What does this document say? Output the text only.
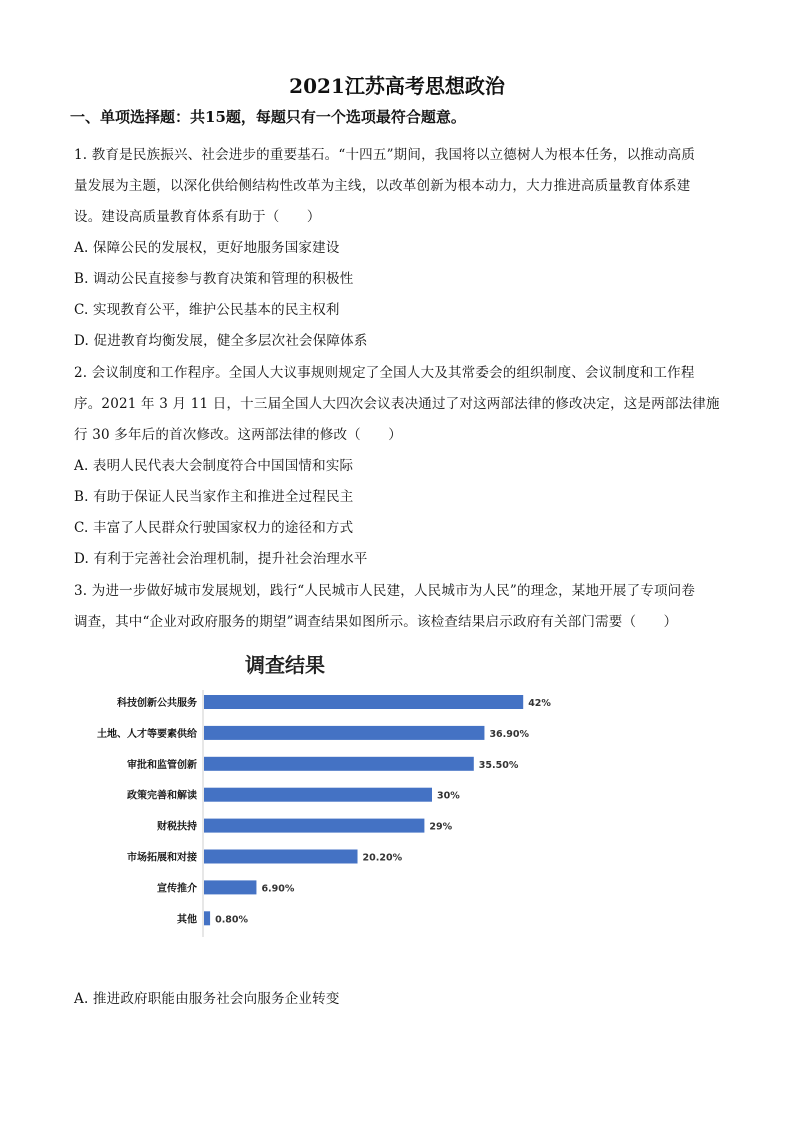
2021江苏高考思想政治
一、单项选择题：共15题，每题只有一个选项最符合题意。
1. 教育是民族振兴、社会进步的重要基石。“十四五”期间，我国将以立德树人为根本任务，以推动高质
量发展为主题，以深化供给侧结构性改革为主线，以改革创新为根本动力，大力推进高质量教育体系建
设。建设高质量教育体系有助于（　　）
A. 保障公民的发展权，更好地服务国家建设
B. 调动公民直接参与教育决策和管理的积极性
C. 实现教育公平，维护公民基本的民主权利
D. 促进教育均衡发展，健全多层次社会保障体系
2. 会议制度和工作程序。全国人大议事规则规定了全国人大及其常委会的组织制度、会议制度和工作程
序。2021 年 3 月 11 日，十三届全国人大四次会议表决通过了对这两部法律的修改决定，这是两部法律施
行 30 多年后的首次修改。这两部法律的修改（　　）
A. 表明人民代表大会制度符合中国国情和实际
B. 有助于保证人民当家作主和推进全过程民主
C. 丰富了人民群众行驶国家权力的途径和方式
D. 有利于完善社会治理机制，提升社会治理水平
3. 为进一步做好城市发展规划，践行“人民城市人民建，人民城市为人民”的理念，某地开展了专项问卷
调查，其中“企业对政府服务的期望”调查结果如图所示。该检查结果启示政府有关部门需要（　　）
调查结果
科技创新公共服务	42%
土地、人才等要素供给	36.90%
审批和监管创新	35.50%
政策完善和解读	30%
财税扶持	29%
市场拓展和对接	20.20%
宣传推介	6.90%
其他 0.80%
A. 推进政府职能由服务社会向服务企业转变
